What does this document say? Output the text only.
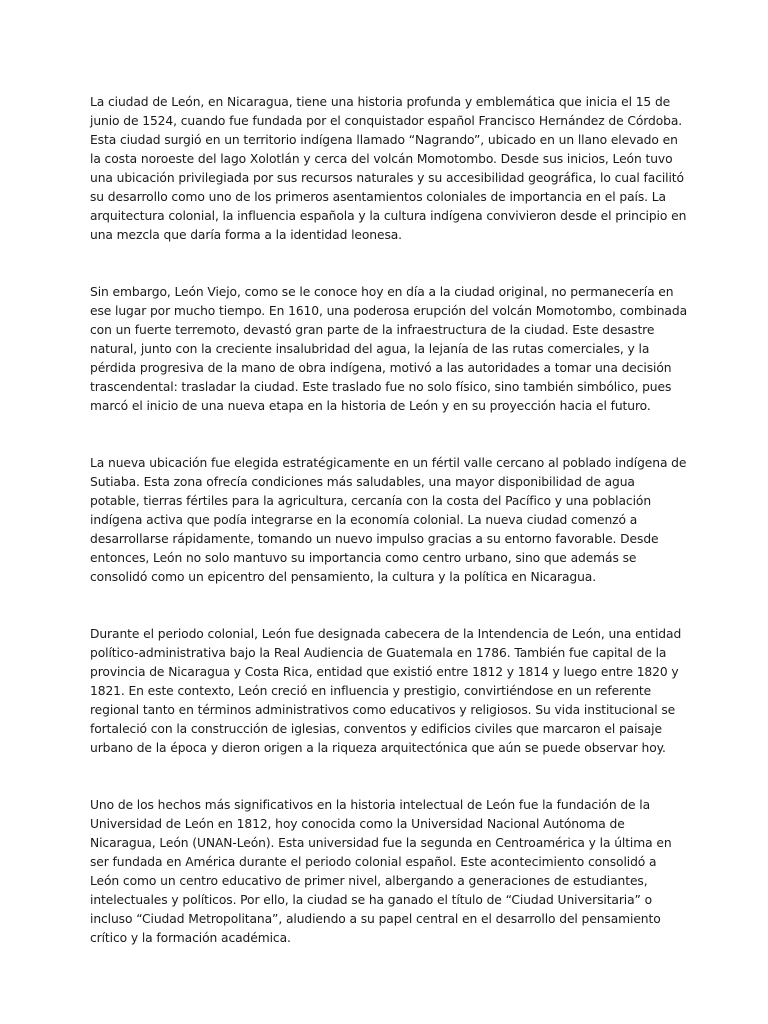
La ciudad de León, en Nicaragua, tiene una historia profunda y emblemática que inicia el 15 de junio de 1524, cuando fue fundada por el conquistador español Francisco Hernández de Córdoba. Esta ciudad surgió en un territorio indígena llamado “Nagrando”, ubicado en un llano elevado en la costa noroeste del lago Xolotlán y cerca del volcán Momotombo. Desde sus inicios, León tuvo una ubicación privilegiada por sus recursos naturales y su accesibilidad geográfica, lo cual facilitó su desarrollo como uno de los primeros asentamientos coloniales de importancia en el país. La arquitectura colonial, la influencia española y la cultura indígena convivieron desde el principio en una mezcla que daría forma a la identidad leonesa.

Sin embargo, León Viejo, como se le conoce hoy en día a la ciudad original, no permanecería en ese lugar por mucho tiempo. En 1610, una poderosa erupción del volcán Momotombo, combinada con un fuerte terremoto, devastó gran parte de la infraestructura de la ciudad. Este desastre natural, junto con la creciente insalubridad del agua, la lejanía de las rutas comerciales, y la pérdida progresiva de la mano de obra indígena, motivó a las autoridades a tomar una decisión trascendental: trasladar la ciudad. Este traslado fue no solo físico, sino también simbólico, pues marcó el inicio de una nueva etapa en la historia de León y en su proyección hacia el futuro.

La nueva ubicación fue elegida estratégicamente en un fértil valle cercano al poblado indígena de Sutiaba. Esta zona ofrecía condiciones más saludables, una mayor disponibilidad de agua potable, tierras fértiles para la agricultura, cercanía con la costa del Pacífico y una población indígena activa que podía integrarse en la economía colonial. La nueva ciudad comenzó a desarrollarse rápidamente, tomando un nuevo impulso gracias a su entorno favorable. Desde entonces, León no solo mantuvo su importancia como centro urbano, sino que además se consolidó como un epicentro del pensamiento, la cultura y la política en Nicaragua.

Durante el periodo colonial, León fue designada cabecera de la Intendencia de León, una entidad político-administrativa bajo la Real Audiencia de Guatemala en 1786. También fue capital de la provincia de Nicaragua y Costa Rica, entidad que existió entre 1812 y 1814 y luego entre 1820 y 1821. En este contexto, León creció en influencia y prestigio, convirtiéndose en un referente regional tanto en términos administrativos como educativos y religiosos. Su vida institucional se fortaleció con la construcción de iglesias, conventos y edificios civiles que marcaron el paisaje urbano de la época y dieron origen a la riqueza arquitectónica que aún se puede observar hoy.

Uno de los hechos más significativos en la historia intelectual de León fue la fundación de la Universidad de León en 1812, hoy conocida como la Universidad Nacional Autónoma de Nicaragua, León (UNAN-León). Esta universidad fue la segunda en Centroamérica y la última en ser fundada en América durante el periodo colonial español. Este acontecimiento consolidó a León como un centro educativo de primer nivel, albergando a generaciones de estudiantes, intelectuales y políticos. Por ello, la ciudad se ha ganado el título de “Ciudad Universitaria” o incluso “Ciudad Metropolitana”, aludiendo a su papel central en el desarrollo del pensamiento crítico y la formación académica.
